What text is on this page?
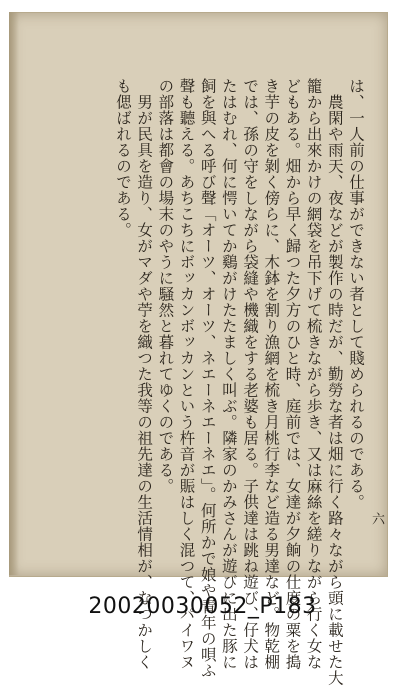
は、一人前の仕事ができない者として賤められるのである。
農閑や雨天、夜などが製作の時だが、勤勞な者は畑に行く路々ながら頭に載せた大
籠から出來かけの網袋を吊下げて梳きながら歩き、又は麻絲を縒りながら行く女な
どもある。畑から早く歸つた夕方のひと時、庭前では、女達が夕餉の仕度の粟を搗
き芋の皮を剝く傍らに、木鉢を割り漁網を梳き月桃行李など造る男達など。物乾棚
では、孫の守をしながら袋縫や機織をする老婆も居る。子供達は跳ね遊び、仔犬は
たはむれ、何に愕いてか鷄がけたたましく叫ぶ。隣家のかみさんが遊びに出た豚に
飼を與へる呼び聲「オーツ、オーツ、ネエーネエーネエ」。何所かで娘や青年の唄ふ
聲も聽える。あちこちにボッカンボッカンという杵音が賑はしく混つて、パイワヌ
の部落は都會の場末のやうに騒然と暮れてゆくのである。
男が民具を造り、女がマダや苧を織つた我等の祖先達の生活情相が、なつかしく
も偲ばれるのである。
六
20020030052_P183
